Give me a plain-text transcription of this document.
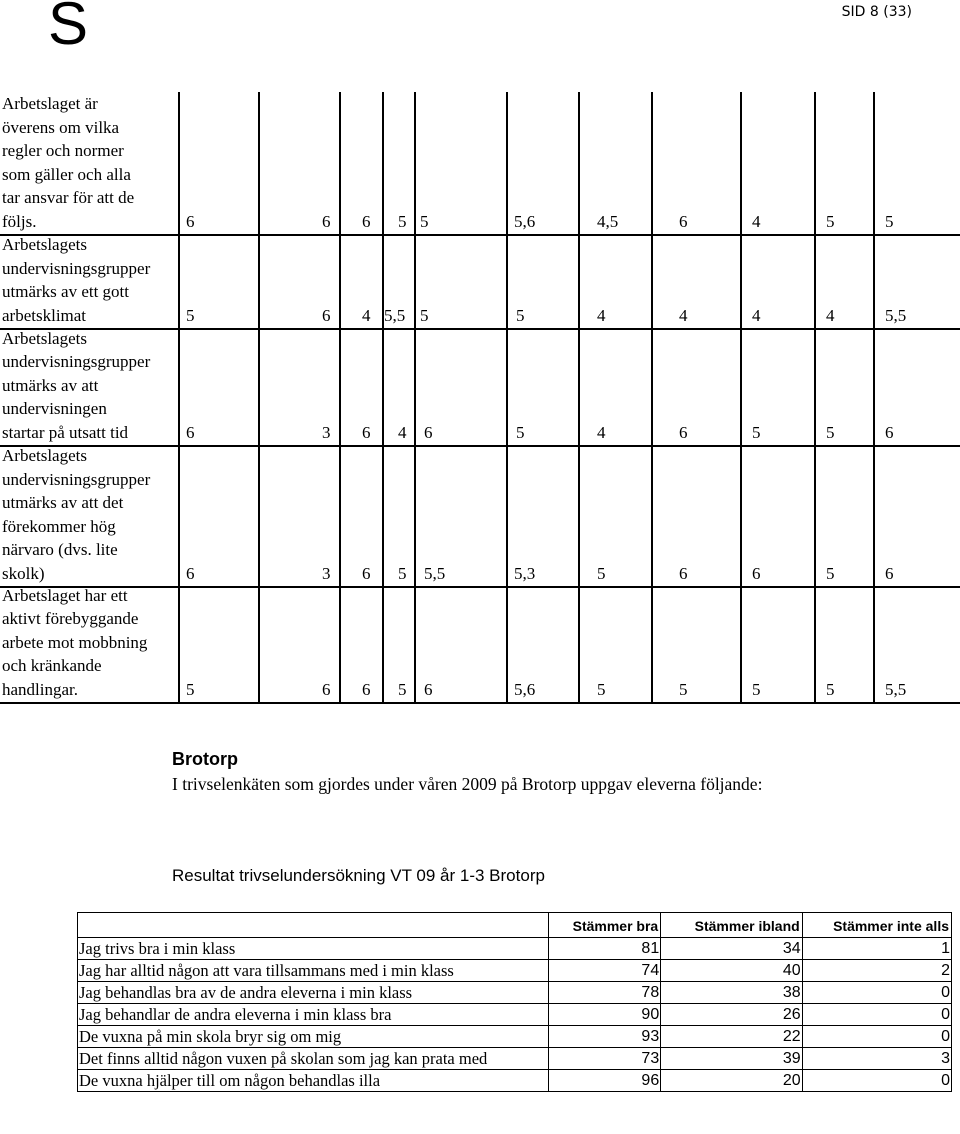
S	SID 8 (33)
Arbetslaget är
överens om vilka
regler och normer
som gäller och alla
tar ansvar för att de
följs.	6	6 6 5 5	5,6	4,5	6	4	5	5
Arbetslagets
undervisningsgrupper
utmärks av ett gott
arbetsklimat	5	6 4 5,5 5	5	4	4	4	4	5,5
Arbetslagets
undervisningsgrupper
utmärks av att
undervisningen
startar på utsatt tid	6	3 6 4 6	5	4	6	5	5	6
Arbetslagets
undervisningsgrupper
utmärks av att det
förekommer hög
närvaro (dvs. lite
skolk)	6	3 6 5 5,5	5,3	5	6	6	5	6
Arbetslaget har ett
aktivt förebyggande
arbete mot mobbning
och kränkande
handlingar.	5	6 6 5 6	5,6	5	5	5	5	5,5
Brotorp
I trivselenkäten som gjordes under våren 2009 på Brotorp uppgav eleverna följande:
Resultat trivselundersökning VT 09 år 1-3 Brotorp
	Stämmer bra	Stämmer ibland	Stämmer inte alls
Jag trivs bra i min klass	81	34	1
Jag har alltid någon att vara tillsammans med i min klass	74	40	2
Jag behandlas bra av de andra eleverna i min klass	78	38	0
Jag behandlar de andra eleverna i min klass bra	90	26	0
De vuxna på min skola bryr sig om mig	93	22	0
Det finns alltid någon vuxen på skolan som jag kan prata med	73	39	3
De vuxna hjälper till om någon behandlas illa	96	20	0
